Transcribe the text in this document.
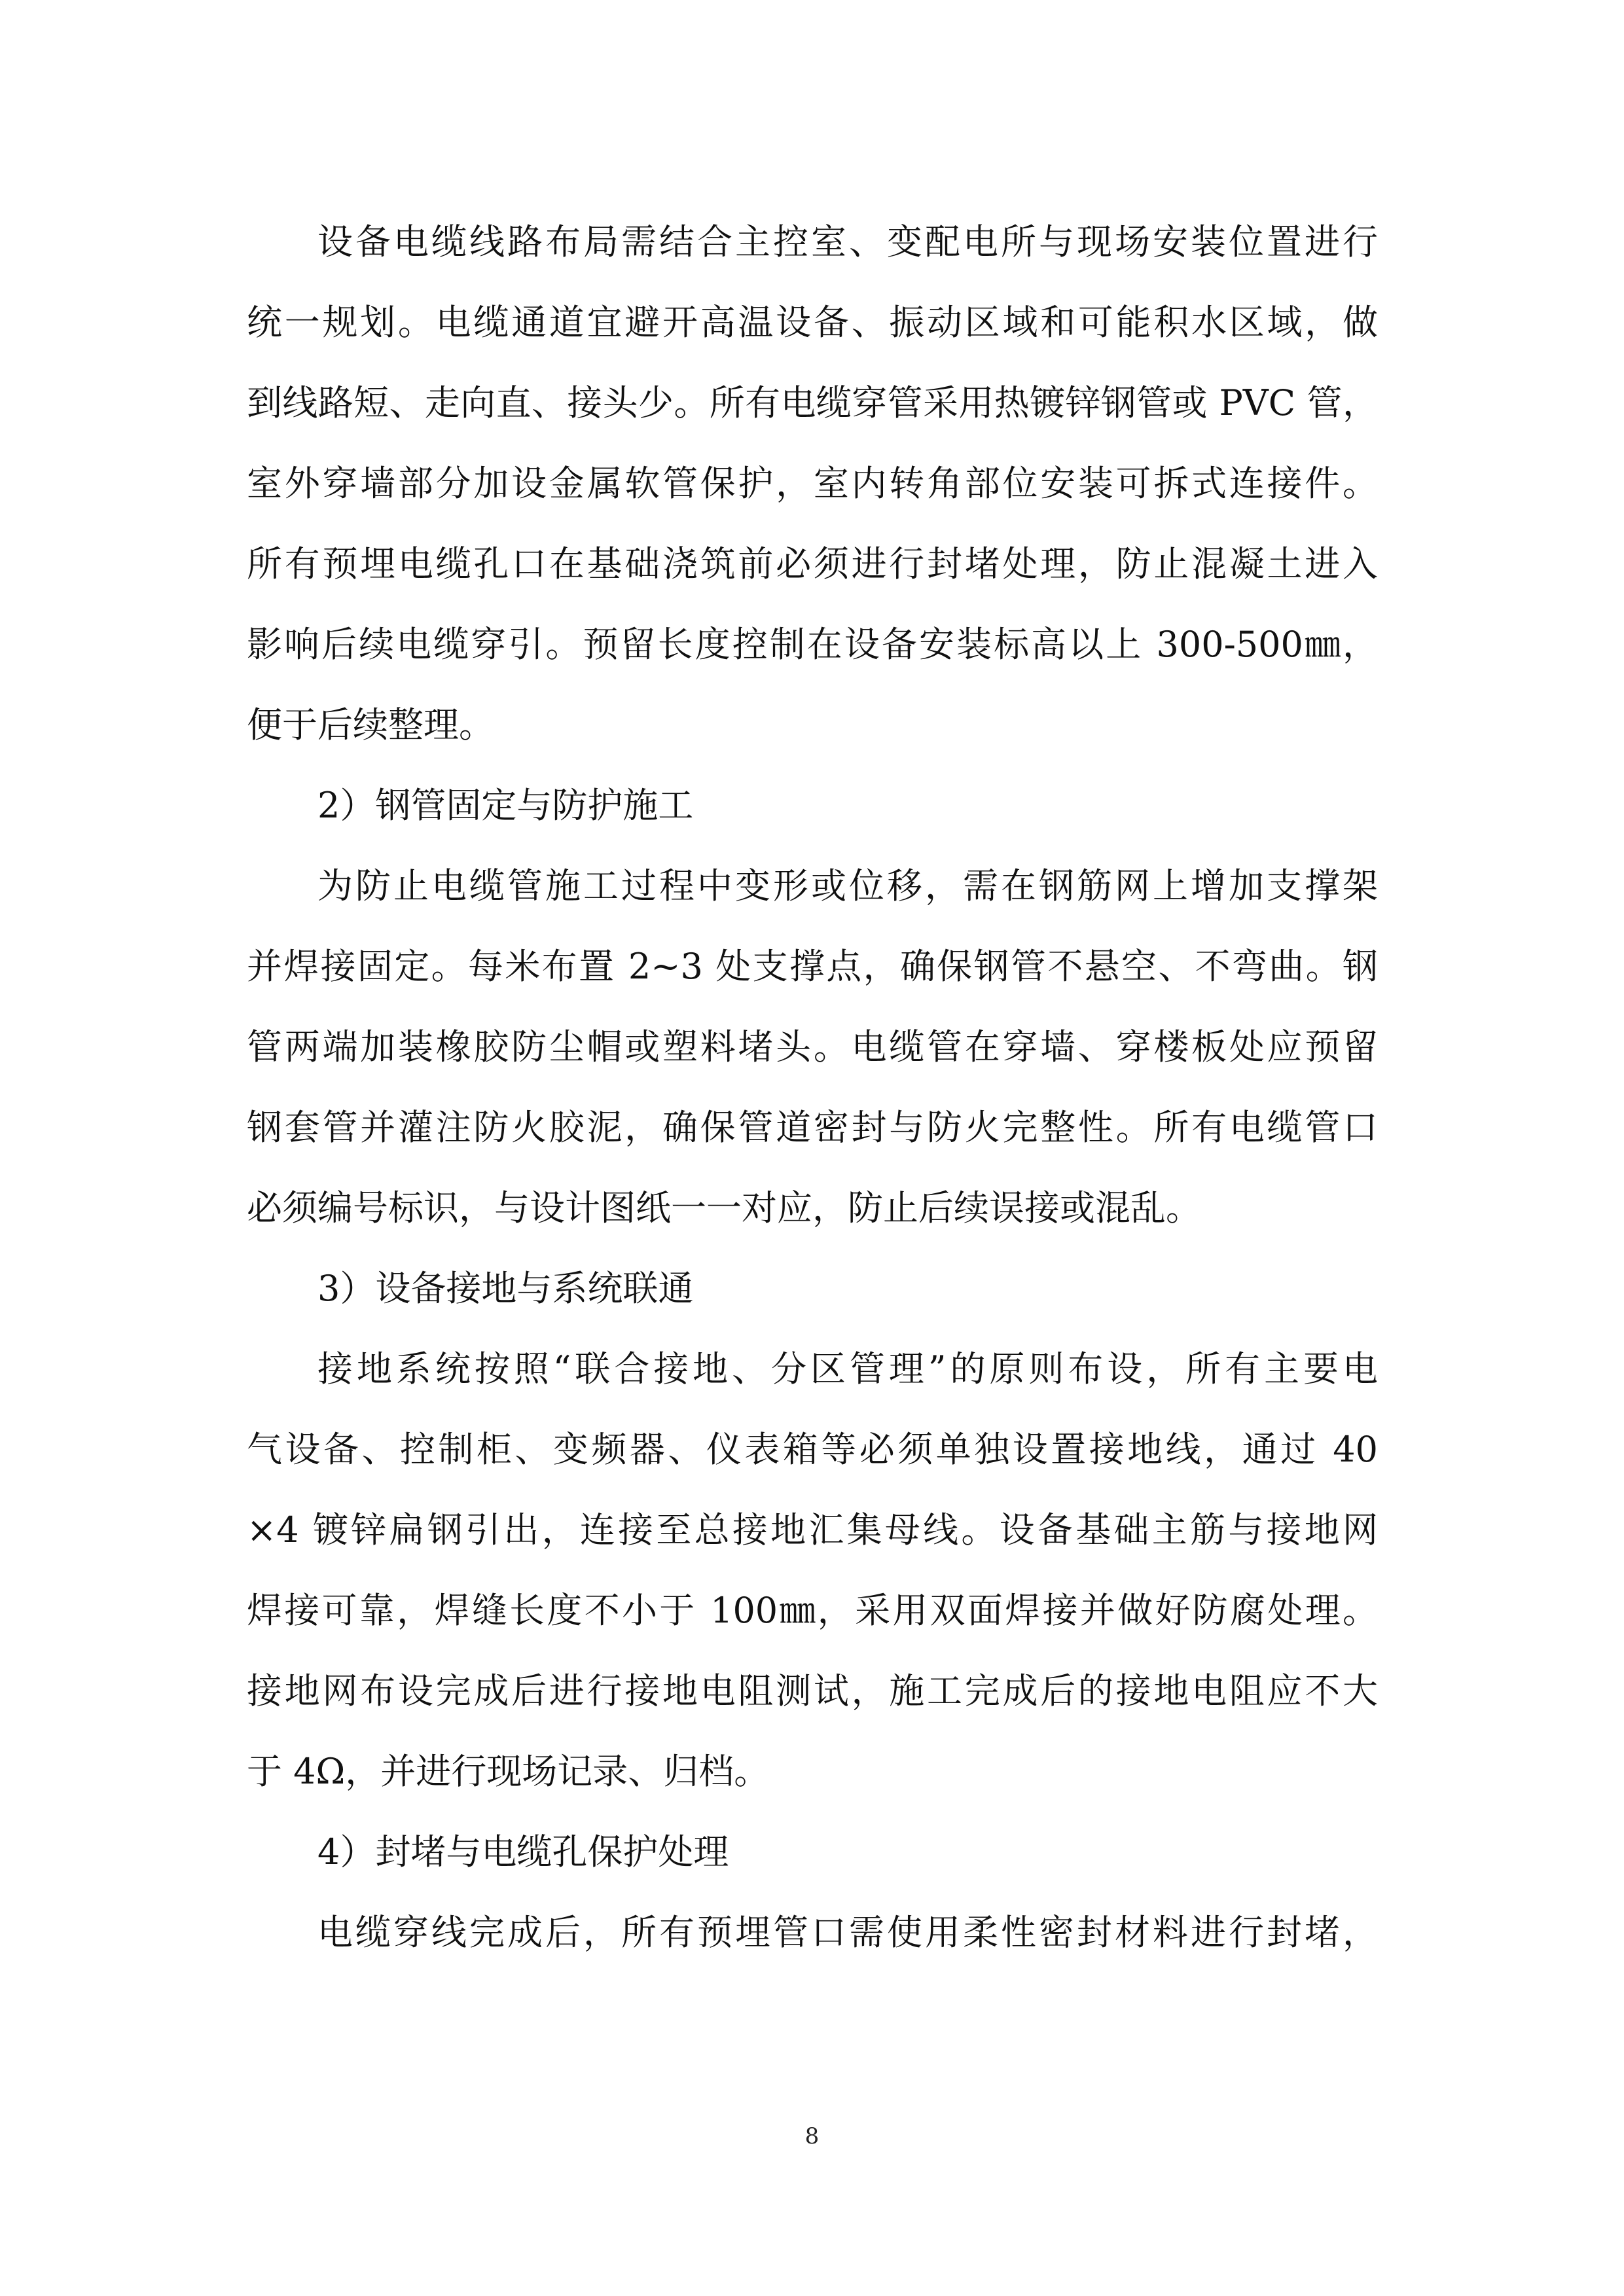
设备电缆线路布局需结合主控室、变配电所与现场安装位置进行
统一规划。电缆通道宜避开高温设备、振动区域和可能积水区域，做
到线路短、走向直、接头少。所有电缆穿管采用热镀锌钢管或 PVC 管，
室外穿墙部分加设金属软管保护，室内转角部位安装可拆式连接件。
所有预埋电缆孔口在基础浇筑前必须进行封堵处理，防止混凝土进入
影响后续电缆穿引。预留长度控制在设备安装标高以上 300-500㎜，
便于后续整理。
2）钢管固定与防护施工
为防止电缆管施工过程中变形或位移，需在钢筋网上增加支撑架
并焊接固定。每米布置 2~3 处支撑点，确保钢管不悬空、不弯曲。钢
管两端加装橡胶防尘帽或塑料堵头。电缆管在穿墙、穿楼板处应预留
钢套管并灌注防火胶泥，确保管道密封与防火完整性。所有电缆管口
必须编号标识，与设计图纸一一对应，防止后续误接或混乱。
3）设备接地与系统联通
接地系统按照“联合接地、分区管理”的原则布设，所有主要电
气设备、控制柜、变频器、仪表箱等必须单独设置接地线，通过 40
×4 镀锌扁钢引出，连接至总接地汇集母线。设备基础主筋与接地网
焊接可靠，焊缝长度不小于 100㎜，采用双面焊接并做好防腐处理。
接地网布设完成后进行接地电阻测试，施工完成后的接地电阻应不大
于 4Ω，并进行现场记录、归档。
4）封堵与电缆孔保护处理
电缆穿线完成后，所有预埋管口需使用柔性密封材料进行封堵，
8
